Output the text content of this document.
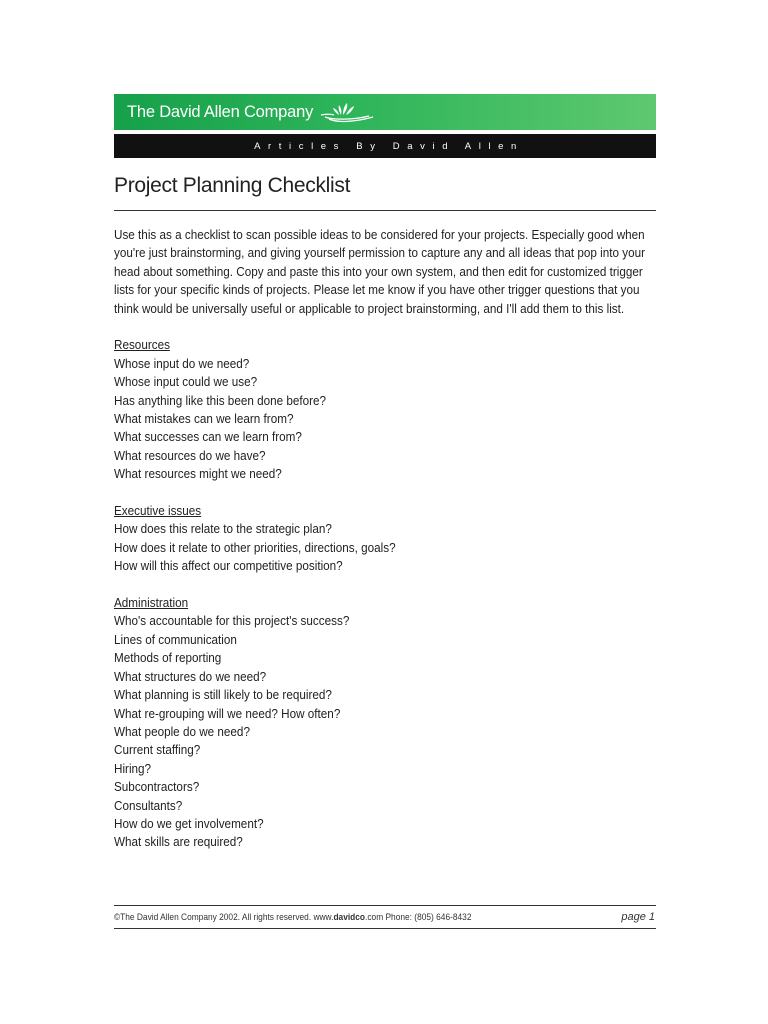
The David Allen Company
Articles By David Allen
Project Planning Checklist
Use this as a checklist to scan possible ideas to be considered for your projects. Especially good when you're just brainstorming, and giving yourself permission to capture any and all ideas that pop into your head about something. Copy and paste this into your own system, and then edit for customized trigger lists for your specific kinds of projects. Please let me know if you have other trigger questions that you think would be universally useful or applicable to project brainstorming, and I'll add them to this list.
Resources
Whose input do we need?
Whose input could we use?
Has anything like this been done before?
What mistakes can we learn from?
What successes can we learn from?
What resources do we have?
What resources might we need?
Executive issues
How does this relate to the strategic plan?
How does it relate to other priorities, directions, goals?
How will this affect our competitive position?
Administration
Who's accountable for this project's success?
Lines of communication
Methods of reporting
What structures do we need?
What planning is still likely to be required?
What re-grouping will we need? How often?
What people do we need?
Current staffing?
Hiring?
Subcontractors?
Consultants?
How do we get involvement?
What skills are required?
©The David Allen Company 2002. All rights reserved. www.davidco.com Phone: (805) 646-8432	page 1
